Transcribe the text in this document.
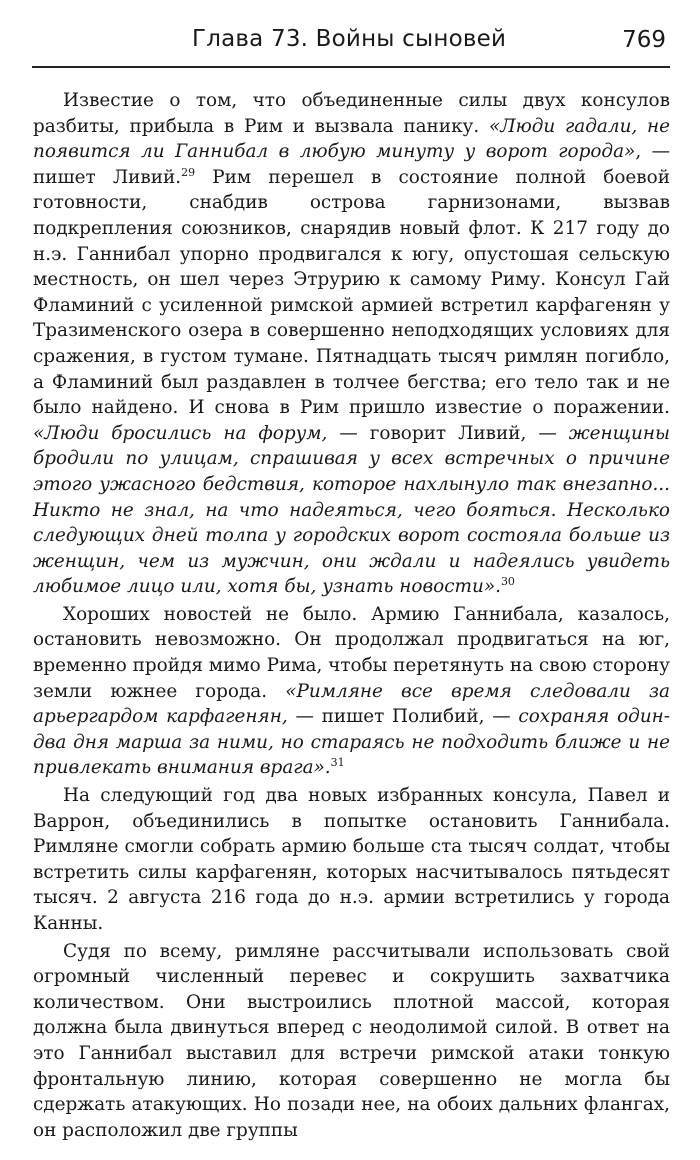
Глава 73. Войны сыновей	769

Известие о том, что объединенные силы двух консулов разбиты, прибыла в Рим и вызвала панику. «Люди гадали, не появится ли Ганнибал в любую минуту у ворот города», — пишет Ливий.$^{29}$ Рим перешел в состояние полной боевой готовности, снабдив острова гарнизонами, вызвав подкрепления союзников, снарядив новый флот. К 217 году до н.э. Ганнибал упорно продвигался к югу, опустошая сельскую местность, он шел через Этрурию к самому Риму. Консул Гай Фламиний с усиленной римской армией встретил карфагенян у Тразименского озера в совершенно неподходящих условиях для сражения, в густом тумане. Пятнадцать тысяч римлян погибло, а Фламиний был раздавлен в толчее бегства; его тело так и не было найдено. И снова в Рим пришло известие о поражении. «Люди бросились на форум, — говорит Ливий, — женщины бродили по улицам, спрашивая у всех встречных о причине этого ужасного бедствия, которое нахлынуло так внезапно... Никто не знал, на что надеяться, чего бояться. Несколько следующих дней толпа у городских ворот состояла больше из женщин, чем из мужчин, они ждали и надеялись увидеть любимое лицо или, хотя бы, узнать новости».$^{30}$

Хороших новостей не было. Армию Ганнибала, казалось, остановить невозможно. Он продолжал продвигаться на юг, временно пройдя мимо Рима, чтобы перетянуть на свою сторону земли южнее города. «Римляне все время следовали за арьергардом карфагенян, — пишет Полибий, — сохраняя один-два дня марша за ними, но стараясь не подходить ближе и не привлекать внимания врага».$^{31}$

На следующий год два новых избранных консула, Павел и Варрон, объединились в попытке остановить Ганнибала. Римляне смогли собрать армию больше ста тысяч солдат, чтобы встретить силы карфагенян, которых насчитывалось пятьдесят тысяч. 2 августа 216 года до н.э. армии встретились у города Канны.

Судя по всему, римляне рассчитывали использовать свой огромный численный перевес и сокрушить захватчика количеством. Они выстроились плотной массой, которая должна была двинуться вперед с неодолимой силой. В ответ на это Ганнибал выставил для встречи римской атаки тонкую фронтальную линию, которая совершенно не могла бы сдержать атакующих. Но позади нее, на обоих дальних флангах, он расположил две группы
